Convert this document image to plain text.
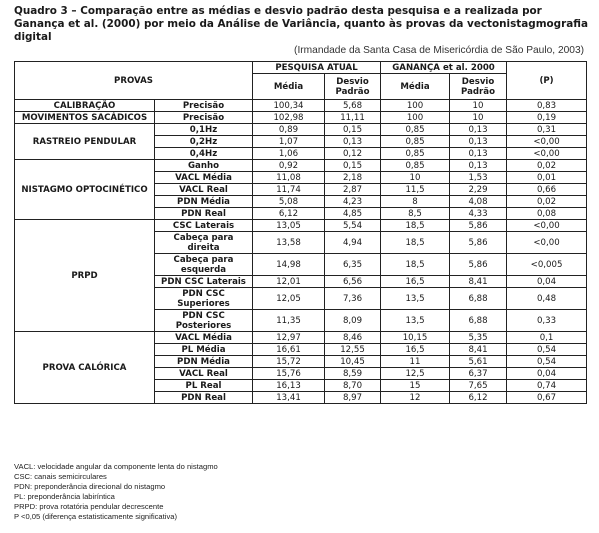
Quadro 3 – Comparação entre as médias e desvio padrão desta pesquisa e a realizada por Ganança et al. (2000) por meio da Análise de Variância, quanto às provas da vectonistagmografia digital
(Irmandade da Santa Casa de Misericórdia de São Paulo, 2003)
PROVAS		PESQUISA ATUAL		GANANÇA et al. 2000		(P)
		Média	Desvio Padrão	Média	Desvio Padrão	
CALIBRAÇÃO	Precisão	100,34	5,68	100	10	0,83
MOVIMENTOS SACÁDICOS	Precisão	102,98	11,11	100	10	0,19
RASTREIO PENDULAR	0,1Hz	0,89	0,15	0,85	0,13	0,31
	0,2Hz	1,07	0,13	0,85	0,13	<0,00
	0,4Hz	1,06	0,12	0,85	0,13	<0,00
NISTAGMO OPTOCINÉTICO	Ganho	0,92	0,15	0,85	0,13	0,02
	VACL Média	11,08	2,18	10	1,53	0,01
	VACL Real	11,74	2,87	11,5	2,29	0,66
	PDN Média	5,08	4,23	8	4,08	0,02
	PDN Real	6,12	4,85	8,5	4,33	0,08
PRPD	CSC Laterais	13,05	5,54	18,5	5,86	<0,00
	Cabeça para direita	13,58	4,94	18,5	5,86	<0,00
	Cabeça para esquerda	14,98	6,35	18,5	5,86	<0,005
	PDN CSC Laterais	12,01	6,56	16,5	8,41	0,04
	PDN CSC Superiores	12,05	7,36	13,5	6,88	0,48
	PDN CSC Posteriores	11,35	8,09	13,5	6,88	0,33
PROVA CALÓRICA	VACL Média	12,97	8,46	10,15	5,35	0,1
	PL Média	16,61	12,55	16,5	8,41	0,54
	PDN Média	15,72	10,45	11	5,61	0,54
	VACL Real	15,76	8,59	12,5	6,37	0,04
	PL Real	16,13	8,70	15	7,65	0,74
	PDN Real	13,41	8,97	12	6,12	0,67
VACL: velocidade angular da componente lenta do nistagmo
CSC: canais semicirculares
PDN: preponderância direcional do nistagmo
PL: preponderância labiríntica
PRPD: prova rotatória pendular decrescente
P <0,05 (diferença estatisticamente significativa)
